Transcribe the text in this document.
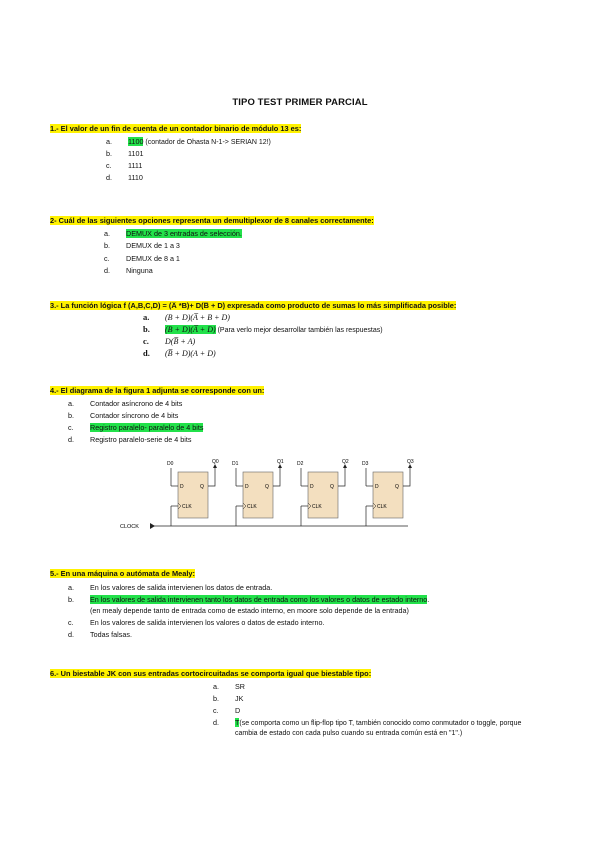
TIPO TEST PRIMER PARCIAL
1.- El valor de un fin de cuenta de un contador binario de módulo 13 es:
a. 1100 (contador de Ohasta N-1-> SERIAN 12!)
b. 1101
c. 1111
d. 1110
2- Cuál de las siguientes opciones representa un demultiplexor de 8 canales correctamente:
a. DEMUX de 3 entradas de selección.
b. DEMUX de 1 a 3
c. DEMUX de 8 a 1
d. Ninguna
3.- La función lógica f (A,B,C,D) = (A̅ *B)+ D(B̅ + D) expresada como producto de sumas lo más simplificada posible:
a. (B + D)(A̅ + B + D)
b. (B + D)(A̅ + D) (Para verlo mejor desarrollar también las respuestas)
c. D(B̅ + A)
d. (B̅ + D)(A + D)
4.- El diagrama de la figura 1 adjunta se corresponde con un:
a. Contador asíncrono de 4 bits
b. Contador síncrono de 4 bits
c. Registro paralelo- paralelo de 4 bits
d. Registro paralelo-serie de 4 bits
CLOCK
D0	Q0
D	Q
CLK
D1	Q1
D	Q
CLK
D2	Q2
D	Q
CLK
D3	Q3
D	Q
CLK
5.- En una máquina o autómata de Mealy:
a. En los valores de salida intervienen los datos de entrada.
b. En los valores de salida intervienen tanto los datos de entrada como los valores o datos de estado interno.
(en mealy depende tanto de entrada como de estado interno, en moore solo depende de la entrada)
c. En los valores de salida intervienen los valores o datos de estado interno.
d. Todas falsas.
6.- Un biestable JK con sus entradas cortocircuitadas se comporta igual que biestable tipo:
a. SR
b. JK
c. D
d. T(se comporta como un flip-flop tipo T, también conocido como conmutador o toggle, porque
cambia de estado con cada pulso cuando su entrada común está en "1".)
